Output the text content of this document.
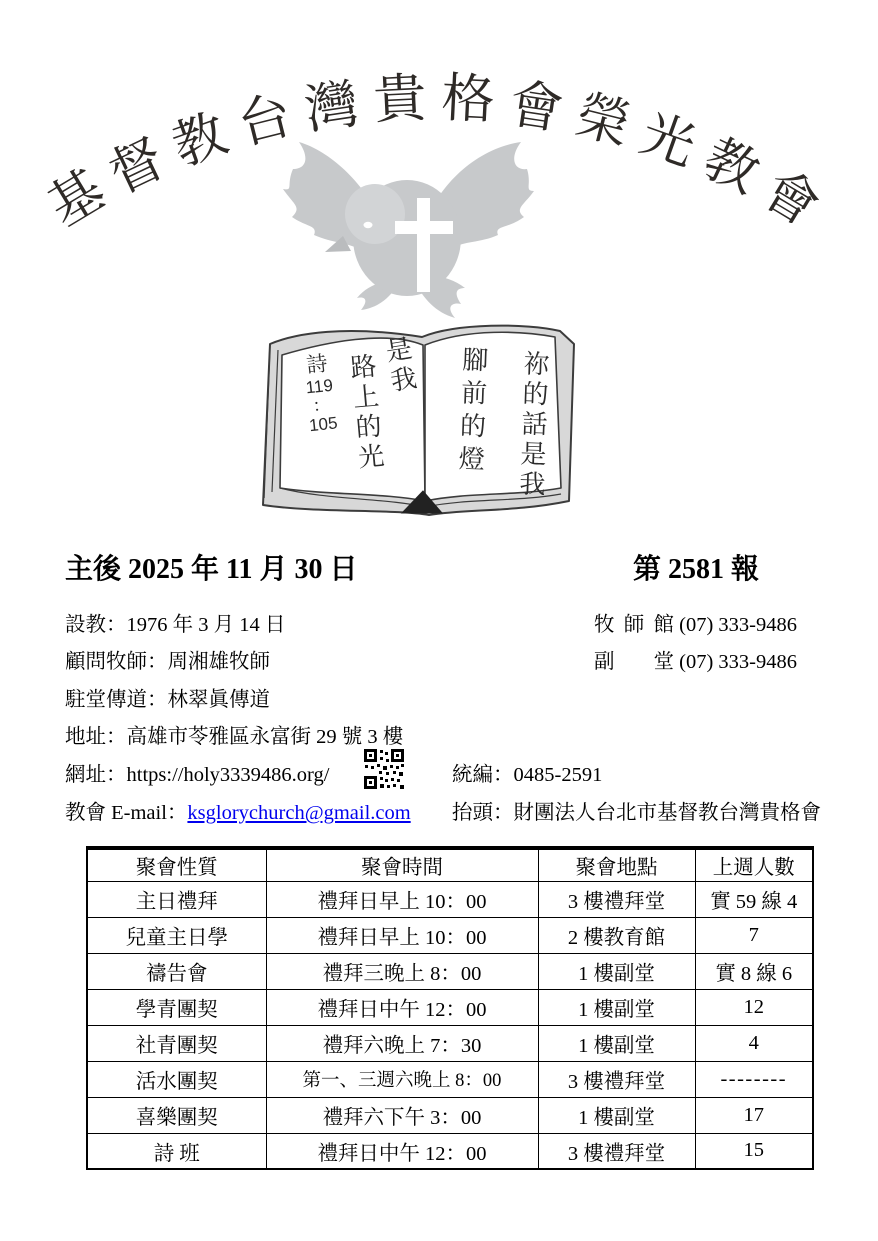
基
督
教
台 灣 貴 格 會 榮
光
教
會
祢的話是我
腳前的燈
是我
路上的光
詩
119
：
105
主後 2025 年 11 月 30 日	第 2581 報
設教：1976 年 3 月 14 日	牧師館 (07) 333-9486
顧問牧師：周湘雄牧師	副堂 (07) 333-9486
駐堂傳道：林翠眞傳道
地址：高雄市苓雅區永富街 29 號 3 樓
網址：https://holy3339486.org/	統編：0485-2591
教會 E-mail：ksglorychurch@gmail.com 抬頭：財團法人台北市基督教台灣貴格會
聚會性質	聚會時間	聚會地點	上週人數
主日禮拜	禮拜日早上 10：00	3 樓禮拜堂	實 59 線 4
兒童主日學	禮拜日早上 10：00	2 樓教育館	7
禱告會	禮拜三晚上 8：00	1 樓副堂	實 8 線 6
學青團契	禮拜日中午 12：00	1 樓副堂	12
社青團契	禮拜六晚上 7：30	1 樓副堂	4
活水團契	第一、三週六晚上 8：00	3 樓禮拜堂	--------
喜樂團契	禮拜六下午 3：00	1 樓副堂	17
詩 班	禮拜日中午 12：00	3 樓禮拜堂	15
